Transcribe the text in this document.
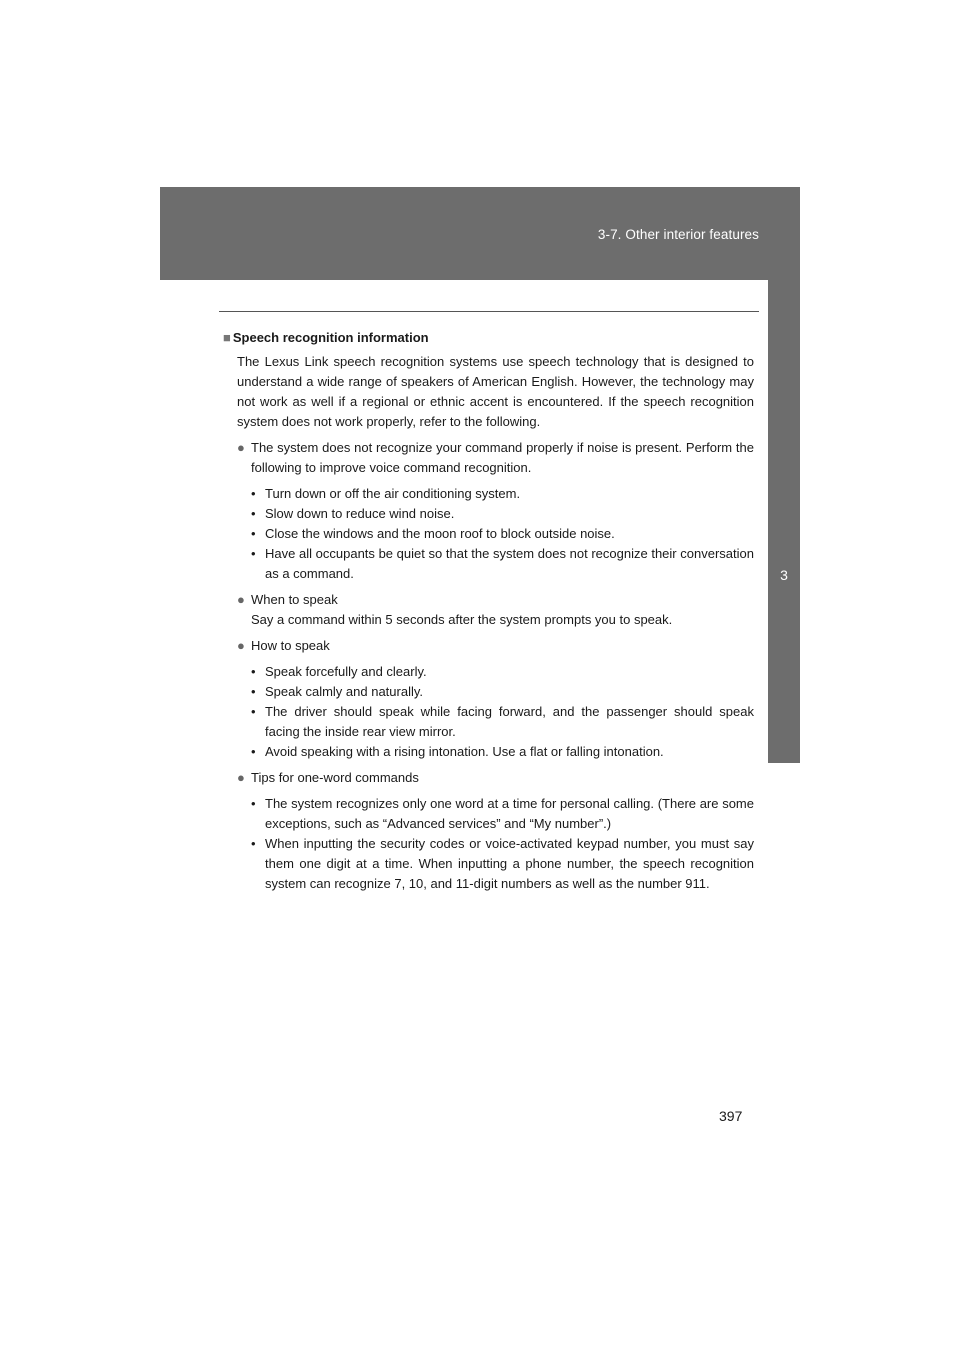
3-7. Other interior features
3
Interior features

■ Speech recognition information

The Lexus Link speech recognition systems use speech technology that is designed to understand a wide range of speakers of American English. However, the technology may not work as well if a regional or ethnic accent is encountered. If the speech recognition system does not work properly, refer to the following.

● The system does not recognize your command properly if noise is present. Perform the following to improve voice command recognition.

• Turn down or off the air conditioning system.

• Slow down to reduce wind noise.

• Close the windows and the moon roof to block outside noise.

• Have all occupants be quiet so that the system does not recognize their conversation as a command.

● When to speak

Say a command within 5 seconds after the system prompts you to speak.

● How to speak

• Speak forcefully and clearly.

• Speak calmly and naturally.

• The driver should speak while facing forward, and the passenger should speak facing the inside rear view mirror.

• Avoid speaking with a rising intonation. Use a flat or falling intonation.

● Tips for one-word commands

• The system recognizes only one word at a time for personal calling. (There are some exceptions, such as “Advanced services” and “My number”.)

• When inputting the security codes or voice-activated keypad number, you must say them one digit at a time. When inputting a phone number, the speech recognition system can recognize 7, 10, and 11-digit numbers as well as the number 911.

397
